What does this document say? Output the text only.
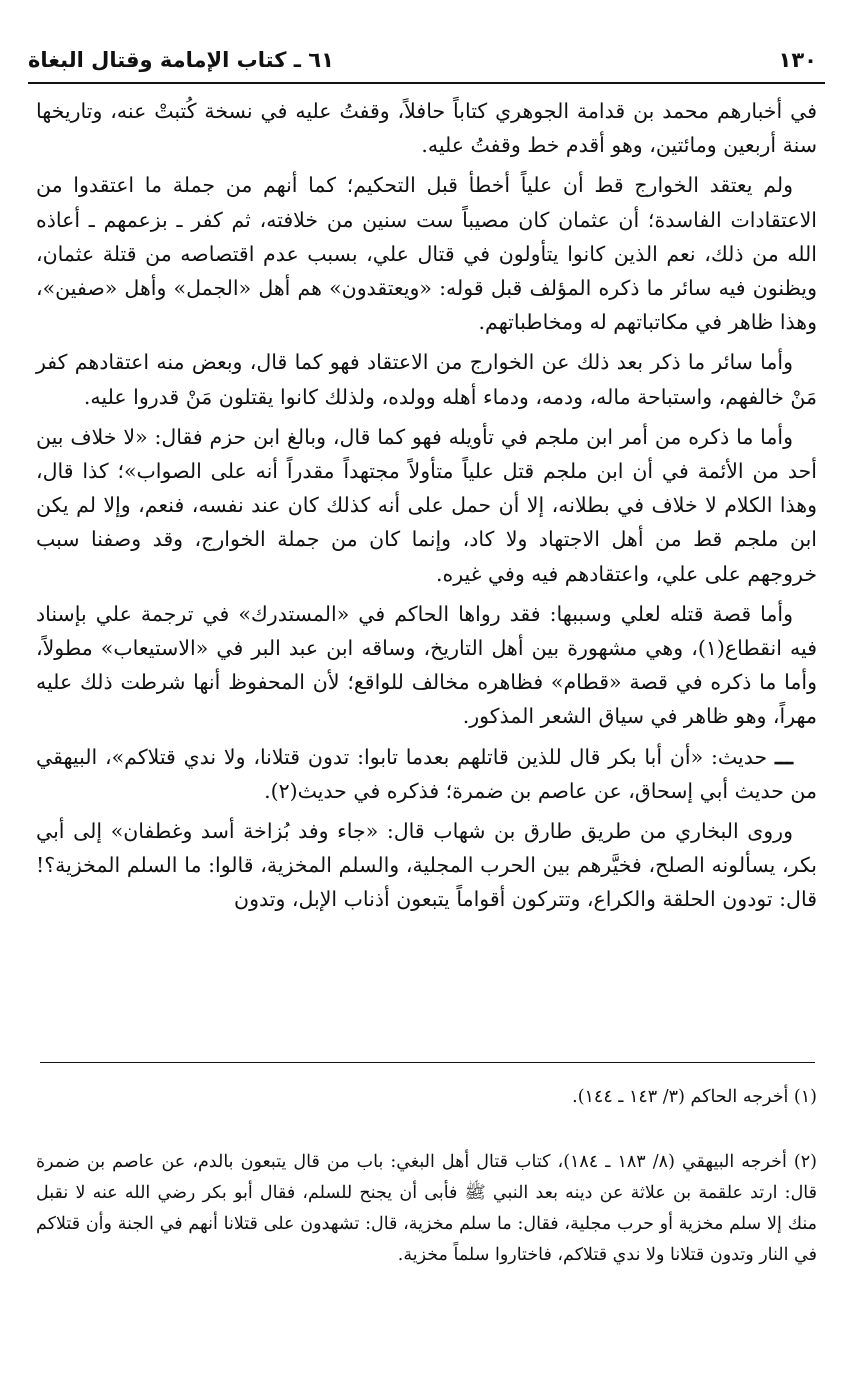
١٣٠
٦١ ـ كتاب الإمامة وقتال البغاة

في أخبارهم محمد بن قدامة الجوهري كتاباً حافلاً، وقفتُ عليه في نسخة كُتبتْ عنه، وتاريخها سنة أربعين ومائتين، وهو أقدم خط وقفتُ عليه.

ولم يعتقد الخوارج قط أن علياً أخطأ قبل التحكيم؛ كما أنهم من جملة ما اعتقدوا من الاعتقادات الفاسدة؛ أن عثمان كان مصيباً ست سنين من خلافته، ثم كفر ـ بزعمهم ـ أعاذه الله من ذلك، نعم الذين كانوا يتأولون في قتال علي، بسبب عدم اقتصاصه من قتلة عثمان، ويظنون فيه سائر ما ذكره المؤلف قبل قوله: «ويعتقدون» هم أهل «الجمل» وأهل «صفين»، وهذا ظاهر في مكاتباتهم له ومخاطباتهم.

وأما سائر ما ذكر بعد ذلك عن الخوارج من الاعتقاد فهو كما قال، وبعض منه اعتقادهم كفر مَنْ خالفهم، واستباحة ماله، ودمه، ودماء أهله وولده، ولذلك كانوا يقتلون مَنْ قدروا عليه.

وأما ما ذكره من أمر ابن ملجم في تأويله فهو كما قال، وبالغ ابن حزم فقال: «لا خلاف بين أحد من الأئمة في أن ابن ملجم قتل علياً متأولاً مجتهداً مقدراً أنه على الصواب»؛ كذا قال، وهذا الكلام لا خلاف في بطلانه، إلا أن حمل على أنه كذلك كان عند نفسه، فنعم، وإلا لم يكن ابن ملجم قط من أهل الاجتهاد ولا كاد، وإنما كان من جملة الخوارج، وقد وصفنا سبب خروجهم على علي، واعتقادهم فيه وفي غيره.

وأما قصة قتله لعلي وسببها: فقد رواها الحاكم في «المستدرك» في ترجمة علي بإسناد فيه انقطاع(١)، وهي مشهورة بين أهل التاريخ، وساقه ابن عبد البر في «الاستيعاب» مطولاً، وأما ما ذكره في قصة «قطام» فظاهره مخالف للواقع؛ لأن المحفوظ أنها شرطت ذلك عليه مهراً، وهو ظاهر في سياق الشعر المذكور.

ـــ حديث: «أن أبا بكر قال للذين قاتلهم بعدما تابوا: تدون قتلانا، ولا ندي قتلاكم»، البيهقي من حديث أبي إسحاق، عن عاصم بن ضمرة؛ فذكره في حديث(٢).

وروى البخاري من طريق طارق بن شهاب قال: «جاء وفد بُزاخة أسد وغطفان» إلى أبي بكر، يسألونه الصلح، فخيَّرهم بين الحرب المجلية، والسلم المخزية، قالوا: ما السلم المخزية؟! قال: تودون الحلقة والكراع، وتتركون أقواماً يتبعون أذناب الإبل، وتدون

(١) أخرجه الحاكم (٣/ ١٤٣ ـ ١٤٤).
(٢) أخرجه البيهقي (٨/ ١٨٣ ـ ١٨٤)، كتاب قتال أهل البغي: باب من قال يتبعون بالدم، عن عاصم بن ضمرة قال: ارتد علقمة بن علاثة عن دينه بعد النبي ﷺ فأبى أن يجنح للسلم، فقال أبو بكر رضي الله عنه لا نقبل منك إلا سلم مخزية أو حرب مجلية، فقال: ما سلم مخزية، قال: تشهدون على قتلانا أنهم في الجنة وأن قتلاكم في النار وتدون قتلانا ولا ندي قتلاكم، فاختاروا سلماً مخزية.
